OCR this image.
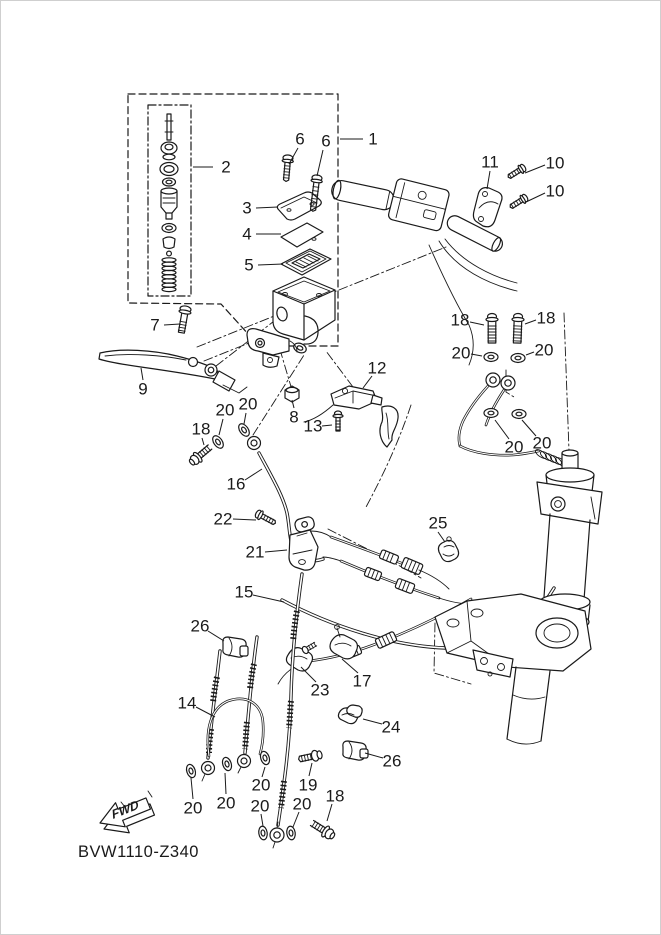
FWD
BVW1110-Z340
2
6 6 1
3
4
5
11	10
10
7
9
8 13
12
18
20 20
16
18	18
20	20
20 20
22
21
25
15
26
23 17
14
24
26
19
18
20 20
20
20 20
